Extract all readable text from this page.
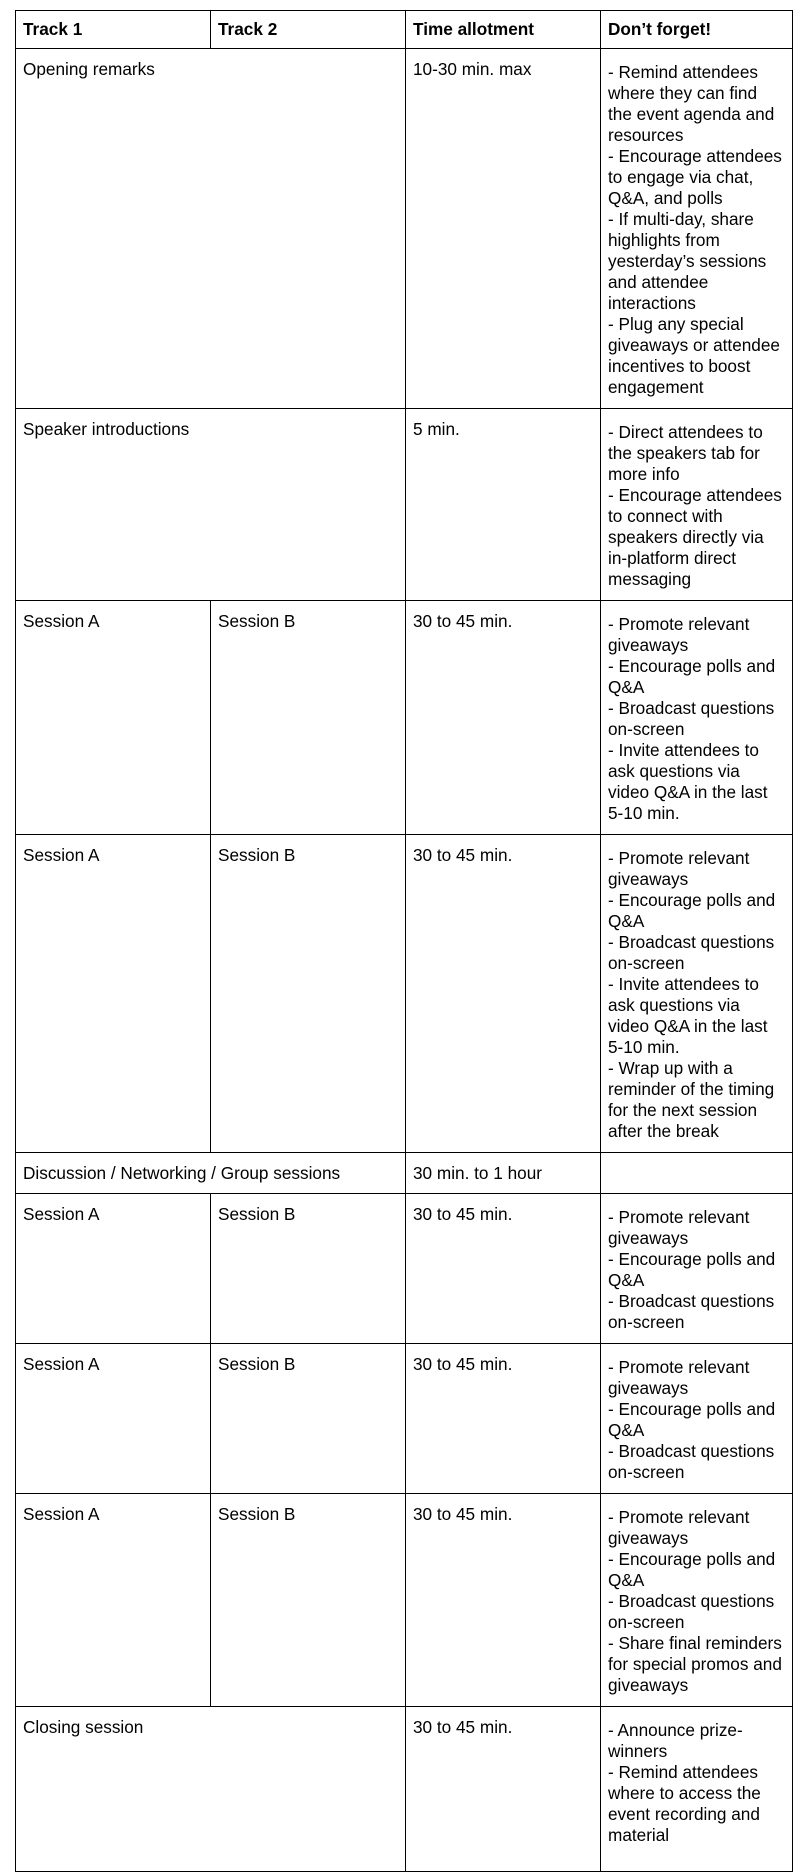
Track 1	Track 2	Time allotment	Don’t forget!
Opening remarks		10-30 min. max	- Remind attendees where they can find the event agenda and resources
- Encourage attendees to engage via chat, Q&A, and polls
- If multi-day, share highlights from yesterday’s sessions and attendee interactions
- Plug any special giveaways or attendee incentives to boost engagement

Speaker introductions		5 min.	- Direct attendees to the speakers tab for more info
- Encourage attendees to connect with speakers directly via in-platform direct messaging

Session A	Session B	30 to 45 min.	- Promote relevant giveaways
- Encourage polls and Q&A
- Broadcast questions on-screen
- Invite attendees to ask questions via video Q&A in the last 5-10 min.

Session A	Session B	30 to 45 min.	- Promote relevant giveaways
- Encourage polls and Q&A
- Broadcast questions on-screen
- Invite attendees to ask questions via video Q&A in the last 5-10 min.
- Wrap up with a reminder of the timing for the next session after the break

Discussion / Networking / Group sessions		30 min. to 1 hour	
Session A	Session B	30 to 45 min.	- Promote relevant giveaways
- Encourage polls and Q&A
- Broadcast questions on-screen

Session A	Session B	30 to 45 min.	- Promote relevant giveaways
- Encourage polls and Q&A
- Broadcast questions on-screen

Session A	Session B	30 to 45 min.	- Promote relevant giveaways
- Encourage polls and Q&A
- Broadcast questions on-screen
- Share final reminders for special promos and giveaways

Closing session		30 to 45 min.	- Announce prize-winners
- Remind attendees where to access the event recording and material
